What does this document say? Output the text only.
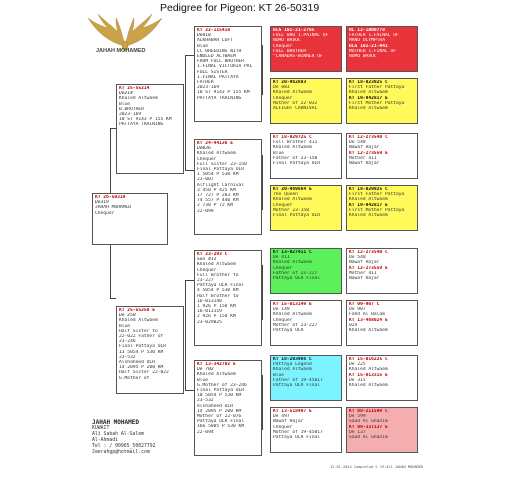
Pedigree for Pigeon: KT 26-50319
JAHAH MOHAMED
KT 26-50319
De319
JAHAH MOHAMED
Chequer
KT 25-55214
De214
Khaled Altwaem
Blue
B.BROTHER
2023-169
10 ST 9143 P 155 KM
PATTAYA TRAINING
KT 25-55250 E
De 250
Khaled Altwaem
Blue
Half Sister to
22-022 Father of
23-246
Final Pattaya OLR
13 5054 P 530 KM
23-532
Alshaheed OLR
14 2095 P 200 KM
Half Sister 22-022
G.Mother of
KT 22-115418
De418
ALKHABAR LOFT
Blue
CC BREEDING WITH
ENDLED ALTWAEM
FROM FULL BROTHER
1.FINAL VICTORIA PAL
FULL SISTER
1.FINAL PATTAYA
FATHER
2023-169
10 ST 9143 P 155 KM
PATTAYA TRAINING
KT 24-44136 E
De036
Khaled Altwaem
Chequer
Full Sister 23-150
Final Pattaya OLR
1 5054 P 530 KM
23-007
Alflight Carnival
3 450 P 425 KM
17 727 P 203 KM
74 557 P 440 KM
2 730 P 72 KM
22-099
KT 23-293 C
Son 411
Khaled Altwaem
Chequer
Full Brother to
23-227
Pattaya OLR Final
4 5054 P 530 KM
Half Brother to
16-013140
1 926 P 150 KM
16-013119
2 926 P 150 KM
23-029025
KT 13-342702 E
De 702
Khaled Altwaem
Blue
G.Mother of 23-246
Final Pattaya OLR
10 5054 P 530 KM
23-532
Alshaheed OLR
14 2095 P 200 KM
Mother of 22-076
Pattaya OLR Final
166 5005 P 530 KM
22-094
BLG 101-21-2785
FULL BRO 1.PAINAL OF
NOMO WAVOC
Chequer
FULL BROTHER
"CANADAS-WINNER OF
NL 12-1000778
FATHER 1.FAINAL OF
MANO OLYMPTRA
BLG 101-21-941
MOTHER 1.FINAL OF
NOMO WAVOC
KT 20-962883
De 883
Khaled Altwaem
Chequer
Mother of 22-032
ALFIGHT CARNIVAL
KT 18-023925 C
First Father Pattaya
Khaled Altwaem
KT 19-942817 E
First Mother Pattaya
Khaled Altwaem
KT 18-029725 C
Full Brother 411
Khaled Altwaem
Blue
Father of 23-150
Final Pattaya OLR
KT 12-273540 C
De 540
Nawaf Hajar
KT 12-273559 E
Mother 411
Nawaf Hajar
KT 20-969864 E
The Queen
Khaled Altwaem
Chequer
Mother 23-150
Final Pattaya OLR
KT 18-029925 C
First Father Pattaya
Khaled Altwaem
KT 19-942817 E
First Mother Pattaya
Khaled Altwaem
KT 13-027411 C
De 411
Khaled Altwaem
Chequer
Father of 23-227
Pattaya OLR Final
KT 12-273540 C
De 540
Nawaf Hajar
KT 12-273559 E
Mother 411
Nawaf Hajar
KT 15-013149 E
De 149
Khaled Altwaem
Chequer
Mother of 23-227
Pattaya OLR
KT 09-907 C
De 907
Fahd Al Balam
KT 13-468024 E
024
Khaled Altwaem
KT 18-203966 C
Pattaya Legend
Khaled Altwaem
Blue
Father of 19-45017
Pattaya OLR Final
KT 15-016225 C
De 225
Khaled Altwaem
KT 15-013315 E
De 315
Khaled Altwaem
KT 13-518497 E
De 497
Nawaf Hajar
Chequer
Mother of 19-45017
Pattaya OLR Final
KT 08-211599 C
De 599
Saad Al Ghanim
KT 09-337137 E
De 137
Saad Al Ghanim
JAHAH MOHAMED
KUWAIT
Ali Sabah Al-Salem
Al-Ahmadi
Tel : / 00965_50027792
Jaerahgp@hotmail.com
12-01-2024 Compuclub © 19:421 JAHAH MOHAMED
